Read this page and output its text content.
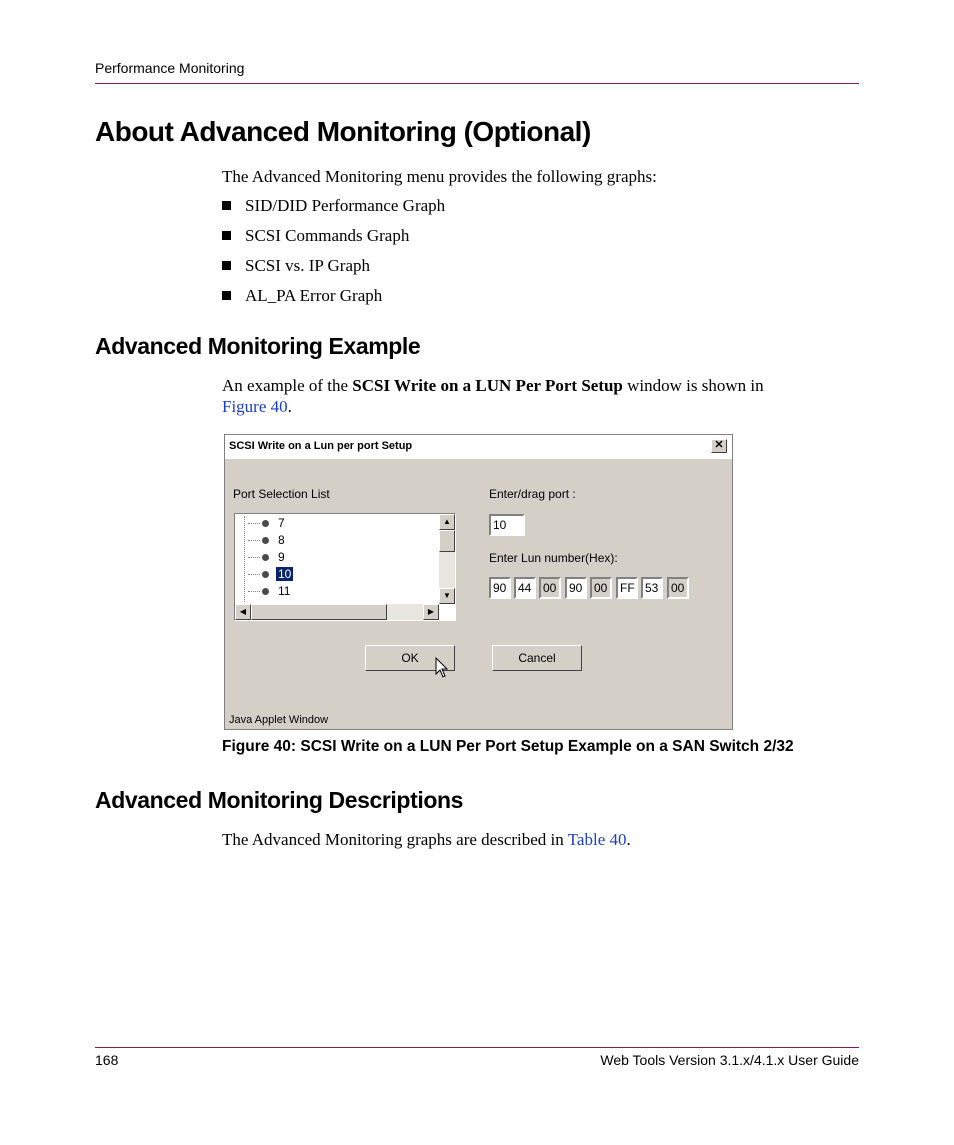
Performance Monitoring
About Advanced Monitoring (Optional)
The Advanced Monitoring menu provides the following graphs:
SID/DID Performance Graph
SCSI Commands Graph
SCSI vs. IP Graph
AL_PA Error Graph
Advanced Monitoring Example
An example of the SCSI Write on a LUN Per Port Setup window is shown in
Figure 40.
SCSI Write on a Lun per port Setup	✕
Port Selection List
7
8
9
10
11
▲
▼
◀	▶
Enter/drag port :
10
Enter Lun number(Hex):
90 44 00	90 00	FF 53	00
OK	Cancel
Java Applet Window
Figure 40: SCSI Write on a LUN Per Port Setup Example on a SAN Switch 2/32
Advanced Monitoring Descriptions
The Advanced Monitoring graphs are described in Table 40.
168	Web Tools Version 3.1.x/4.1.x User Guide
